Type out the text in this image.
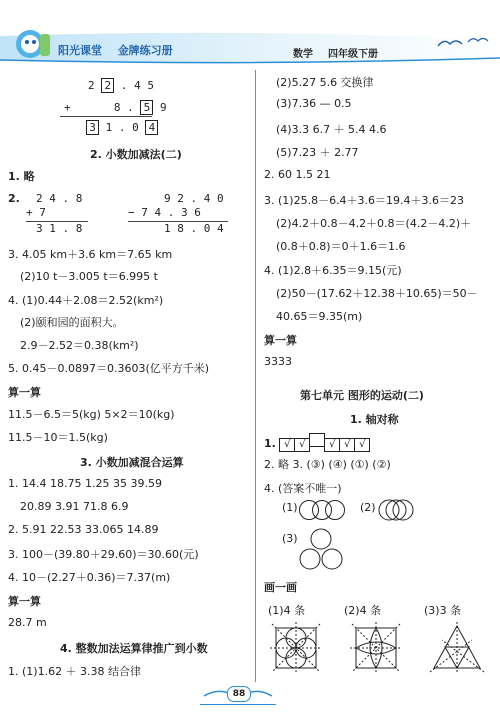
阳光课堂 金牌练习册	数学 四年级下册
2 2 . 4 5
+	8 . 5 9
3 1 . 0 4
2. 小数加减法(二)
1. 略
2. 2 4 . 8
+ 7
3 1 . 8
9 2 . 4 0
− 7 4 . 3 6
1 8 . 0 4
3. 4.05 km＋3.6 km＝7.65 km
(2)10 t－3.005 t＝6.995 t
4. (1)0.44＋2.08＝2.52(km²)
(2)颐和园的面积大。
2.9－2.52＝0.38(km²)
5. 0.45－0.0897＝0.3603(亿平方千米)
算一算
11.5－6.5＝5(kg) 5×2＝10(kg)
11.5－10＝1.5(kg)
3. 小数加减混合运算
1. 14.4 18.75 1.25 35 39.59
20.89 3.91 71.8 6.9
2. 5.91 22.53 33.065 14.89
3. 100－(39.80＋29.60)＝30.60(元)
4. 10－(2.27＋0.36)＝7.37(m)
算一算
28.7 m
4. 整数加法运算律推广到小数
1. (1)1.62 ＋ 3.38 结合律
(2)5.27 5.6 交换律
(3)7.36 — 0.5
(4)3.3 6.7 ＋ 5.4 4.6
(5)7.23 ＋ 2.77
2. 60 1.5 21
3. (1)25.8－6.4＋3.6＝19.4＋3.6＝23
(2)4.2＋0.8－4.2＋0.8＝(4.2－4.2)＋
(0.8＋0.8)＝0＋1.6＝1.6
4. (1)2.8＋6.35＝9.15(元)
(2)50－(17.62＋12.38＋10.65)＝50－
40.65＝9.35(m)
算一算
3333
第七单元 图形的运动(二)
1. 轴对称
1. √ √ √ √ √
2. 略 3. (③) (④) (①) (②)
4. (答案不唯一)
(1)	(2)
(3)
画一画
(1)4 条	(2)4 条	(3)3 条
88
